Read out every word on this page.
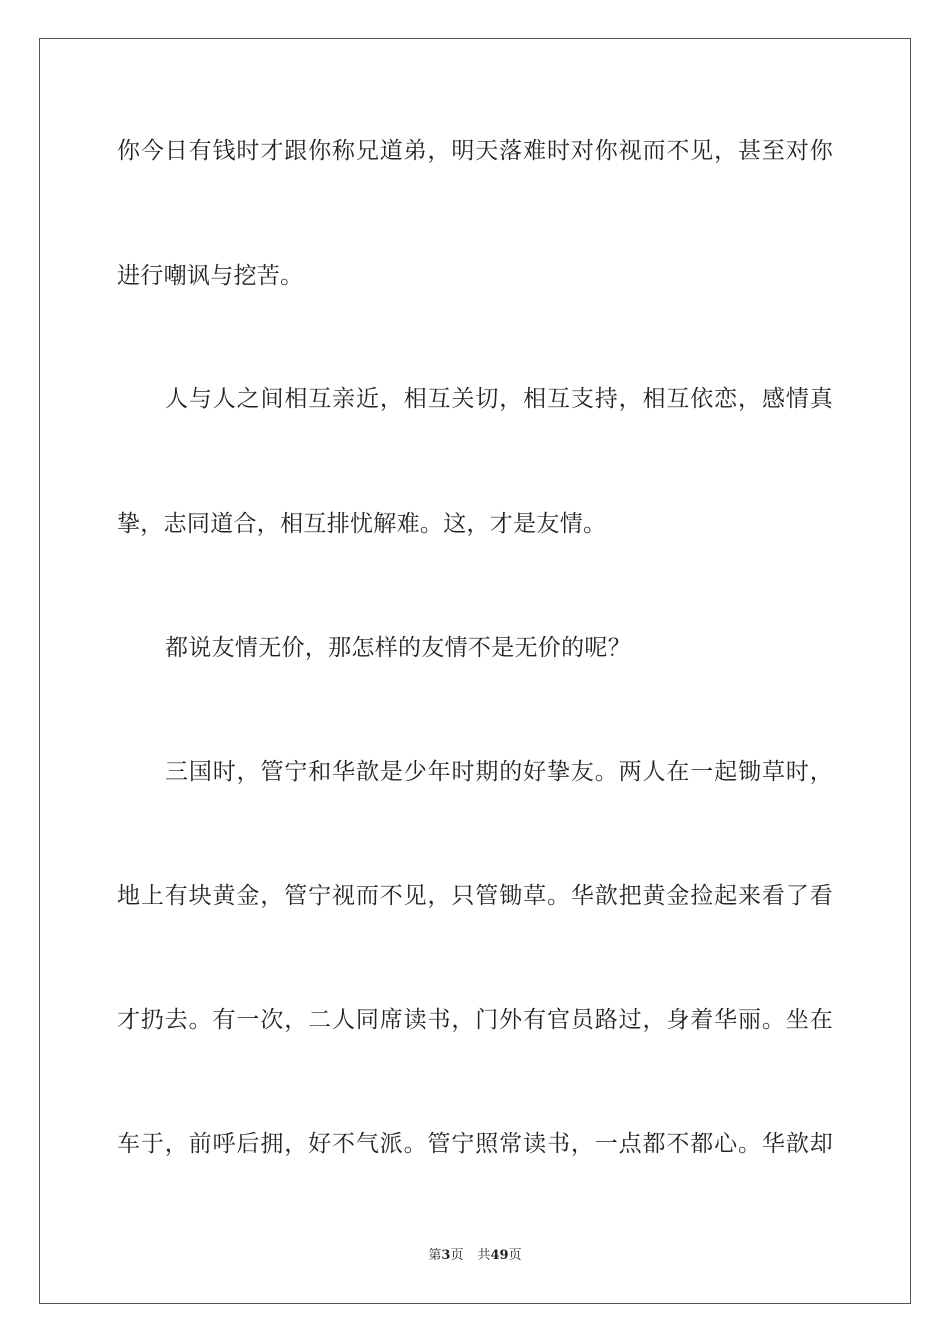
你今日有钱时才跟你称兄道弟，明天落难时对你视而不见，甚至对你
进行嘲讽与挖苦。
人与人之间相互亲近，相互关切，相互支持，相互依恋，感情真
挚，志同道合，相互排忧解难。这，才是友情。
都说友情无价，那怎样的友情不是无价的呢？
三国时，管宁和华歆是少年时期的好挚友。两人在一起锄草时，
地上有块黄金，管宁视而不见，只管锄草。华歆把黄金捡起来看了看
才扔去。有一次，二人同席读书，门外有官员路过，身着华丽。坐在
车于，前呼后拥，好不气派。管宁照常读书，一点都不都心。华歆却
第3页 共49页
